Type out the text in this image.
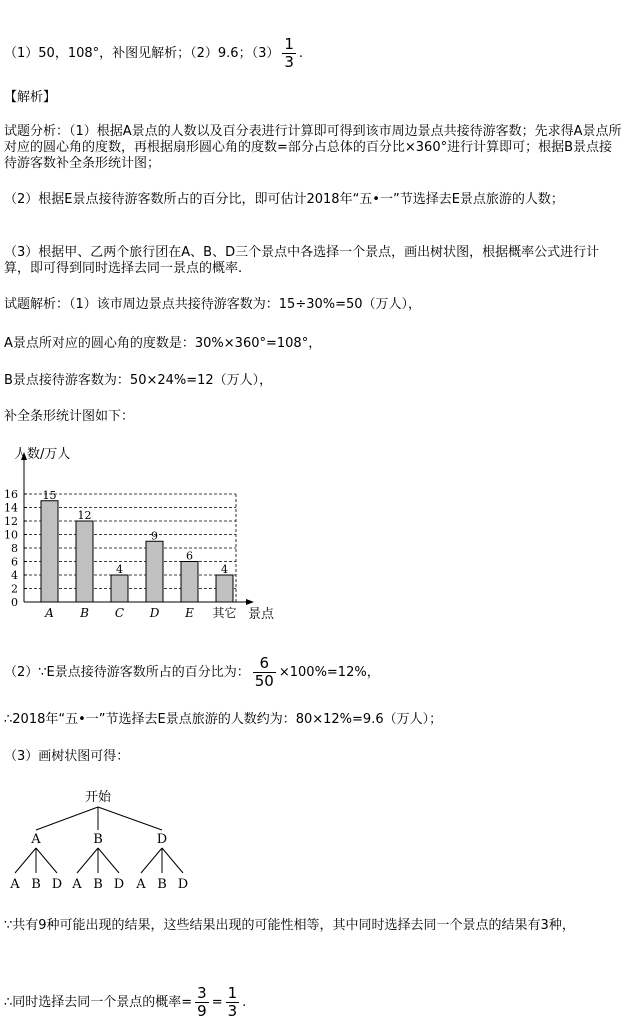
（1）50，108°，补图见解析；（2）9.6；$(3) \frac{1}{3}$ .
【解析】
试题分析：（1）根据A景点的人数以及百分表进行计算即可得到该市周边景点共接待游客数；先求得A景点所对应的圆心角的度数，再根据扇形圆心角的度数=部分占总体的百分比×360°进行计算即可；根据B景点接待游客数补全条形统计图；
（2）根据E景点接待游客数所占的百分比，即可估计2018年“五•一”节选择去E景点旅游的人数；
（3）根据甲、乙两个旅行团在A、B、D三个景点中各选择一个景点，画出树状图，根据概率公式进行计算，即可得到同时选择去同一景点的概率.
试题解析：（1）该市周边景点共接待游客数为：15÷30%=50（万人），
A景点所对应的圆心角的度数是：30%×360°=108°，
B景点接待游客数为：50×24%=12（万人），
补全条形统计图如下：
0
2
4
6
8
10
12
14
16
人数/万人
景点
15
A
12
B
4
C
9
D
6
E
4
其它
（2）∵E景点接待游客数所占的百分比为： $\frac{6}{50} \times 100\%=12\%$，
∴2018年“五•一”节选择去E景点旅游的人数约为：80×12%=9.6（万人）；
（3）画树状图可得：
开始
A
A B D
B
A B D
D
A B D
∵共有9种可能出现的结果，这些结果出现的可能性相等，其中同时选择去同一个景点的结果有3种，
∴同时选择去同一个景点的概率= $\frac{3}{9} = \frac{1}{3}$ .
